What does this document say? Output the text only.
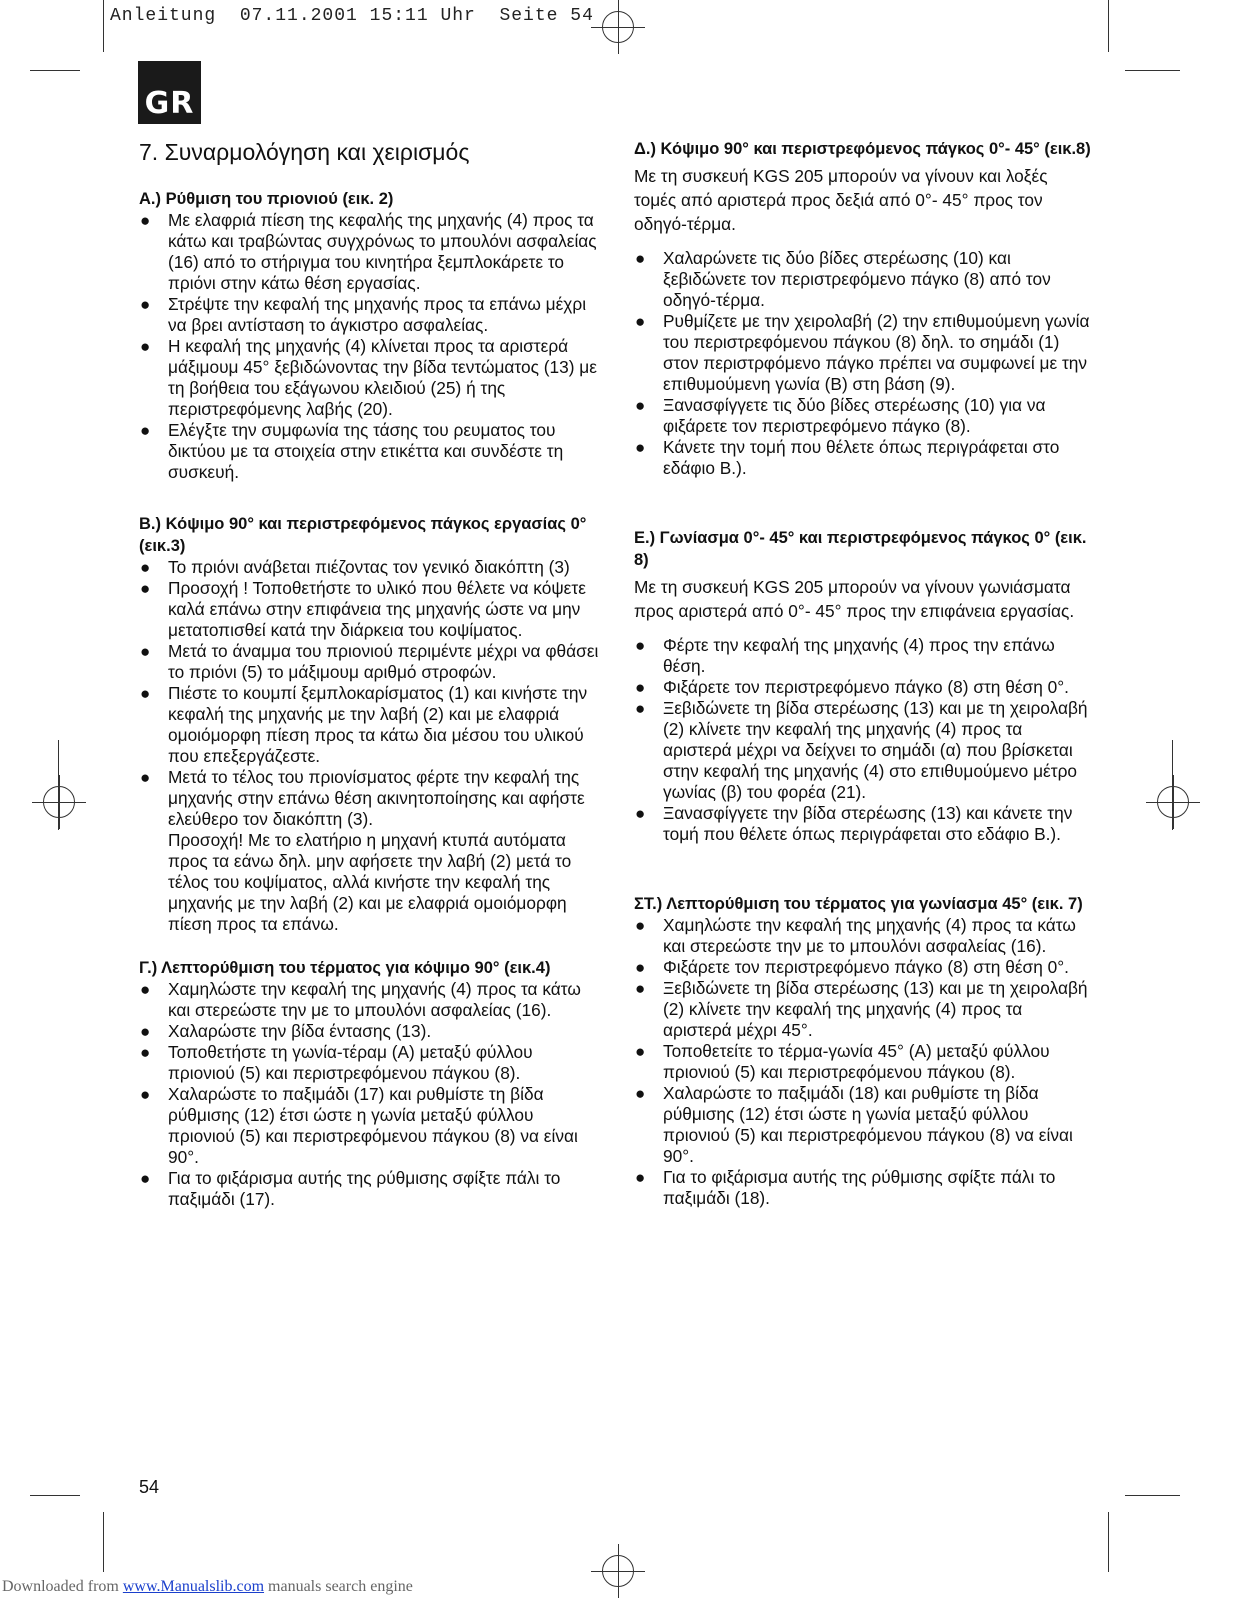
Anleitung  07.11.2001 15:11 Uhr  Seite 54
GR
7. Συναρμολόγηση και χειρισμός
Α.) Ρύθμιση του πριονιού (εικ. 2)
● Με ελαφριά πίεση της κεφαλής της μηχανής (4) προς τα κάτω και τραβώντας συγχρόνως το μπουλόνι ασφαλείας (16) από το στήριγμα του κινητήρα ξεμπλοκάρετε το πριόνι στην κάτω θέση εργασίας.
● Στρέψτε την κεφαλή της μηχανής προς τα επάνω μέχρι να βρει αντίσταση το άγκιστρο ασφαλείας.
● Η κεφαλή της μηχανής (4) κλίνεται προς τα αριστερά μάξιμουμ 45° ξεβιδώνοντας την βίδα τεντώματος (13) με τη βοήθεια του εξάγωνου κλειδιού (25) ή της περιστρεφόμενης λαβής (20).
● Ελέγξτε την συμφωνία της τάσης του ρευματος του δικτύου με τα στοιχεία στην ετικέττα και συνδέστε τη συσκευή.
Β.) Κόψιμο 90° και περιστρεφόμενος πάγκος εργασίας 0° (εικ.3)
● Το πριόνι ανάβεται πιέζοντας τον γενικό διακόπτη (3)
● Προσοχή ! Τοποθετήστε το υλικό που θέλετε να κόψετε καλά επάνω στην επιφάνεια της μηχανής ώστε να μην μετατοπισθεί κατά την διάρκεια του κοψίματος.
● Μετά το άναμμα του πριονιού περιμέντε μέχρι να φθάσει το πριόνι (5) το μάξιμουμ αριθμό στροφών.
● Πιέστε το κουμπί ξεμπλοκαρίσματος (1) και κινήστε την κεφαλή της μηχανής με την λαβή (2) και με ελαφριά ομοιόμορφη πίεση προς τα κάτω δια μέσου του υλικού που επεξεργάζεστε.
● Μετά το τέλος του πριονίσματος φέρτε την κεφαλή της μηχανής στην επάνω θέση ακινητοποίησης και αφήστε ελεύθερο τον διακόπτη (3).
Προσοχή! Με το ελατήριο η μηχανή κτυπά αυτόματα προς τα εάνω δηλ. μην αφήσετε την λαβή (2) μετά το τέλος του κοψίματος, αλλά κινήστε την κεφαλή της μηχανής με την λαβή (2) και με ελαφριά ομοιόμορφη πίεση προς τα επάνω.
Γ.) Λεπτορύθμιση του τέρματος για κόψιμο 90° (εικ.4)
● Χαμηλώστε την κεφαλή της μηχανής (4) προς τα κάτω και στερεώστε την με το μπουλόνι ασφαλείας (16).
● Χαλαρώστε την βίδα έντασης (13).
● Τοποθετήστε τη γωνία-τέραμ (Α) μεταξύ φύλλου πριονιού (5) και περιστρεφόμενου πάγκου (8).
● Χαλαρώστε το παξιμάδι (17) και ρυθμίστε τη βίδα ρύθμισης (12) έτσι ώστε η γωνία μεταξύ φύλλου πριονιού (5) και περιστρεφόμενου πάγκου (8) να είναι 90°.
● Για το φιξάρισμα αυτής της ρύθμισης σφίξτε πάλι το παξιμάδι (17).
Δ.) Κόψιμο 90° και περιστρεφόμενος πάγκος 0°- 45° (εικ.8)

Με τη συσκευή KGS 205 μπορούν να γίνουν και λοξές τομές από αριστερά προς δεξιά από 0°- 45° προς τον οδηγό-τέρμα.

● Χαλαρώνετε τις δύο βίδες στερέωσης (10) και ξεβιδώνετε τον περιστρεφόμενο πάγκο (8) από τον οδηγό-τέρμα.
● Ρυθμίζετε με την χειρολαβή (2) την επιθυμούμενη γωνία του περιστρεφόμενου πάγκου (8) δηλ. το σημάδι (1) στον περιστρφόμενο πάγκο πρέπει να συμφωνεί με την επιθυμούμενη γωνία (Β) στη βάση (9).
● Ξανασφίγγετε τις δύο βίδες στερέωσης (10) για να φιξάρετε τον περιστρεφόμενο πάγκο (8).
● Κάνετε την τομή που θέλετε όπως περιγράφεται στο εδάφιο Β.).
Ε.) Γωνίασμα 0°- 45° και περιστρεφόμενος πάγκος 0° (εικ. 8)

Με τη συσκευή KGS 205 μπορούν να γίνουν γωνιάσματα προς αριστερά από 0°- 45° προς την επιφάνεια εργασίας.

● Φέρτε την κεφαλή της μηχανής (4) προς την επάνω θέση.
● Φιξάρετε τον περιστρεφόμενο πάγκο (8) στη θέση 0°.
● Ξεβιδώνετε τη βίδα στερέωσης (13) και με τη χειρολαβή (2) κλίνετε την κεφαλή της μηχανής (4) προς τα αριστερά μέχρι να δείχνει το σημάδι (α) που βρίσκεται στην κεφαλή της μηχανής (4) στο επιθυμούμενο μέτρο γωνίας (β) του φορέα (21).
● Ξανασφίγγετε την βίδα στερέωσης (13) και κάνετε την τομή που θέλετε όπως περιγράφεται στο εδάφιο Β.).
ΣΤ.) Λεπτορύθμιση του τέρματος για γωνίασμα 45° (εικ. 7)
● Χαμηλώστε την κεφαλή της μηχανής (4) προς τα κάτω και στερεώστε την με το μπουλόνι ασφαλείας (16).
● Φιξάρετε τον περιστρεφόμενο πάγκο (8) στη θέση 0°.
● Ξεβιδώνετε τη βίδα στερέωσης (13) και με τη χειρολαβή (2) κλίνετε την κεφαλή της μηχανής (4) προς τα αριστερά μέχρι 45°.
● Τοποθετείτε το τέρμα-γωνία 45° (Α) μεταξύ φύλλου πριονιού (5) και περιστρεφόμενου πάγκου (8).
● Χαλαρώστε το παξιμάδι (18) και ρυθμίστε τη βίδα ρύθμισης (12) έτσι ώστε η γωνία μεταξύ φύλλου πριονιού (5) και περιστρεφόμενου πάγκου (8) να είναι 90°.
● Για το φιξάρισμα αυτής της ρύθμισης σφίξτε πάλι το παξιμάδι (18).
54
Downloaded from www.Manualslib.com manuals search engine
